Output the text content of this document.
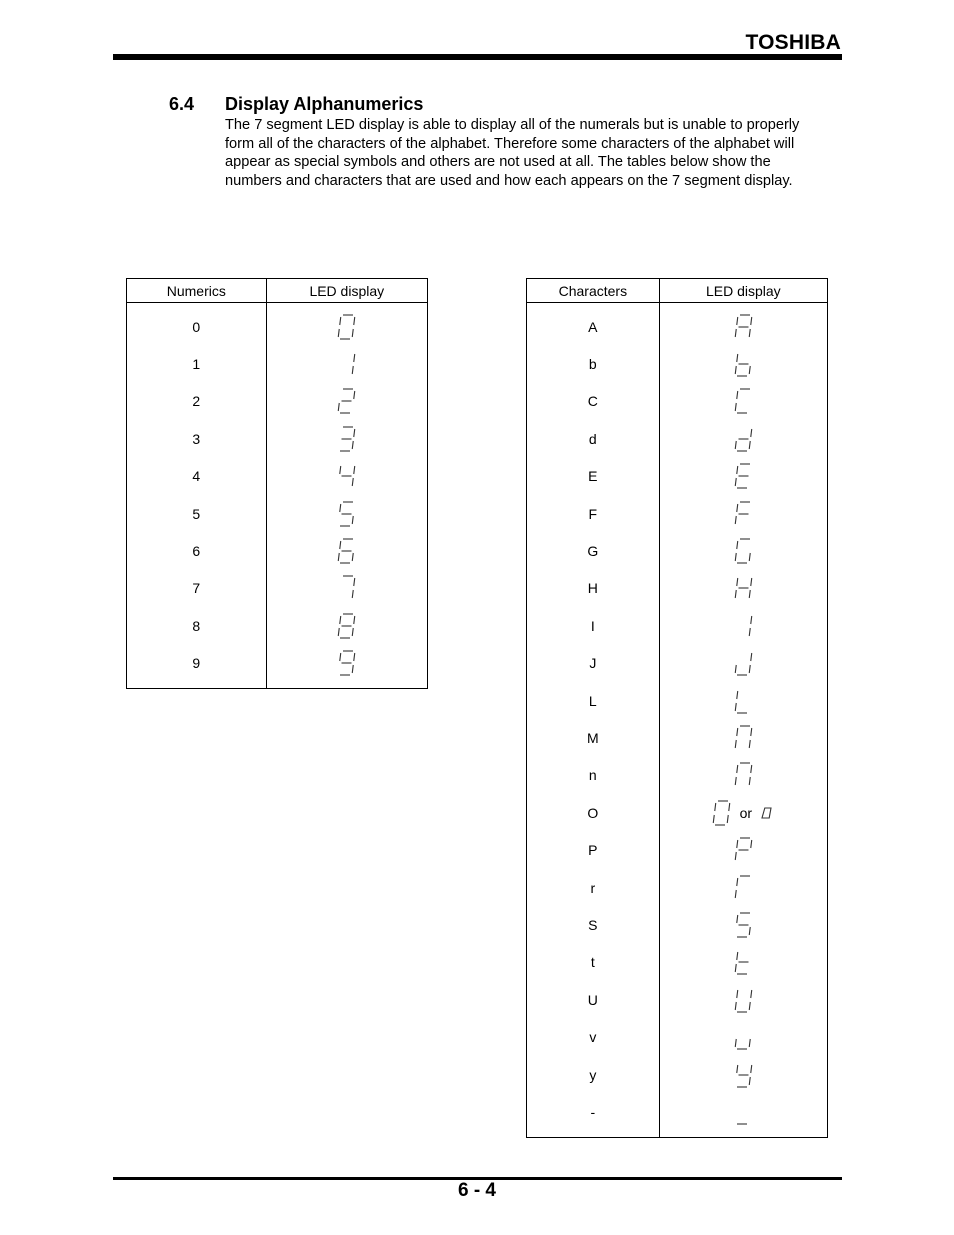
TOSHIBA
6.4 Display Alphanumerics

The 7 segment LED display is able to display all of the numerals but is unable to properly form all of the characters of the alphabet. Therefore some characters of the alphabet will appear as special symbols and others are not used at all. The tables below show the numbers and characters that are used and how each appears on the 7 segment display.

Numerics	LED display

0	
1	
2	
3	
4	
5	
6	
7	
8	
9	

Characters	LED display

A	
b	
C	
d	
E	
F	
G	
H	
I	
J	
L	
M	
n	
O	or
P	
r	
S	
t	
U	
v	
y	
-	

6 - 4
